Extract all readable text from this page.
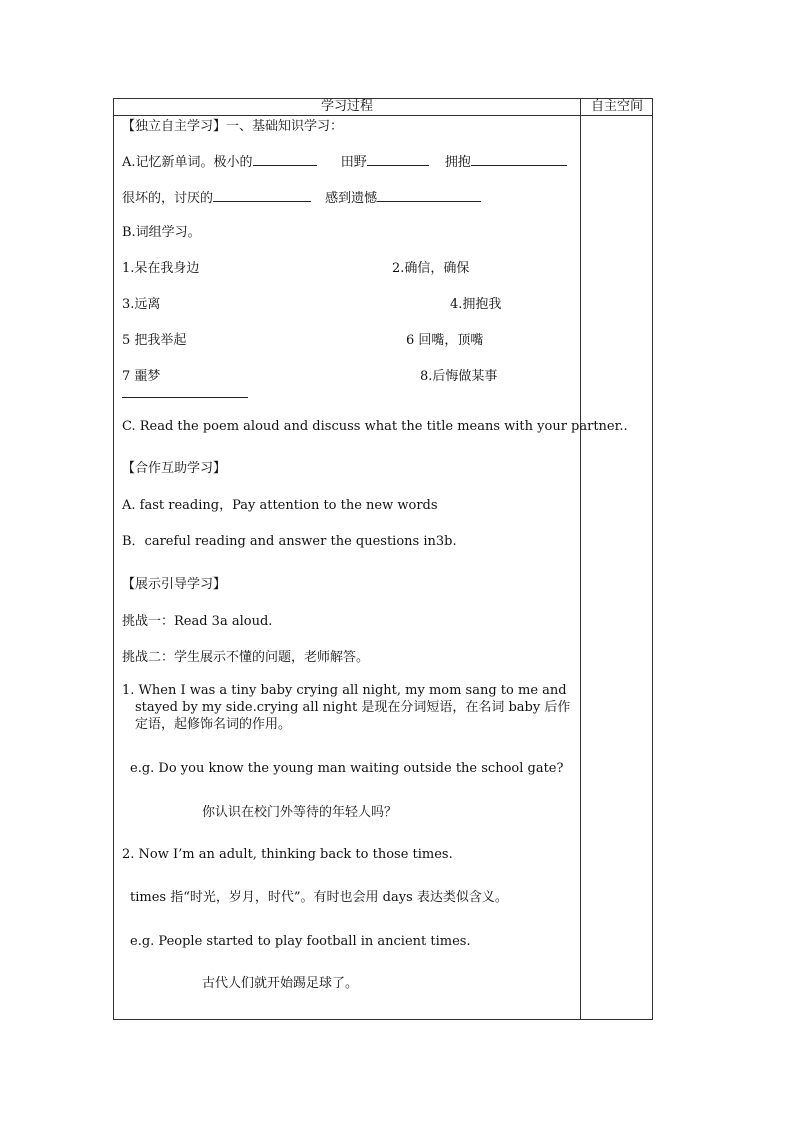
学习过程	自主空间
【独立自主学习】一、基础知识学习：
A.记忆新单词。极小的	田野	拥抱
很坏的，讨厌的	感到遗憾
B.词组学习。
1.呆在我身边	2.确信，确保
3.远离	4.拥抱我
5 把我举起	6 回嘴，顶嘴
7 噩梦	8.后悔做某事
C. Read the poem aloud and discuss what the title means with your partner..
【合作互助学习】
A. fast reading，Pay attention to the new words
B．careful reading and answer the questions in3b.
【展示引导学习】
挑战一：Read 3a aloud.
挑战二：学生展示不懂的问题，老师解答。
1. When I was a tiny baby crying all night, my mom sang to me and stayed by my side.crying all night 是现在分词短语，在名词 baby 后作定语，起修饰名词的作用。
e.g. Do you know the young man waiting outside the school gate?
你认识在校门外等待的年轻人吗？
2. Now I’m an adult, thinking back to those times.
times 指“时光，岁月，时代”。有时也会用 days 表达类似含义。
e.g. People started to play football in ancient times.
古代人们就开始踢足球了。
